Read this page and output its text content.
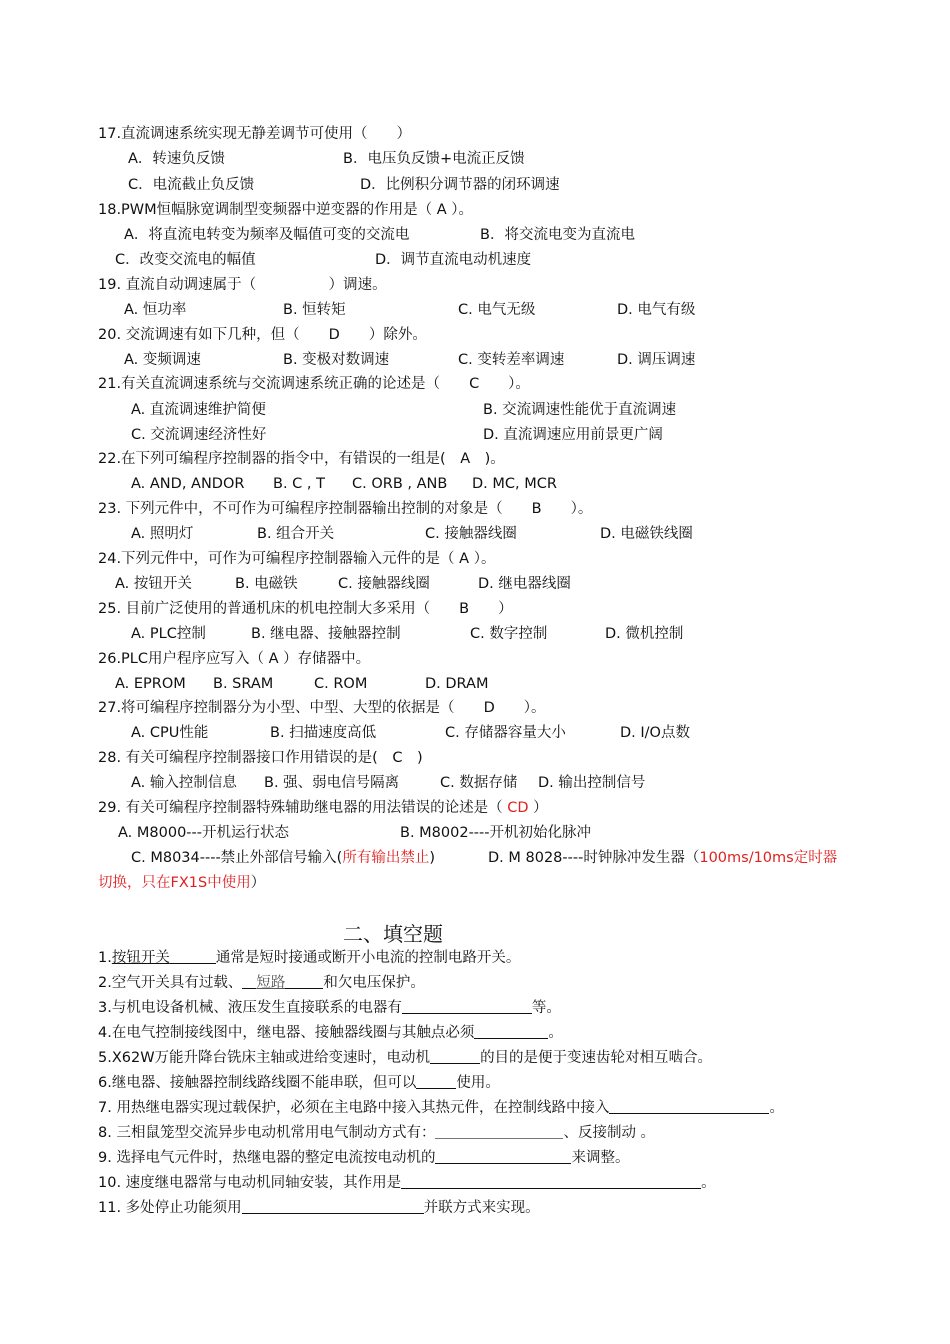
17.直流调速系统实现无静差调节可使用（　　）
A．转速负反馈	B．电压负反馈+电流正反馈
C．电流截止负反馈	D．比例积分调节器的闭环调速
18.PWM恒幅脉宽调制型变频器中逆变器的作用是（ A ）。
A．将直流电转变为频率及幅值可变的交流电	B．将交流电变为直流电
C．改变交流电的幅值	D．调节直流电动机速度
19. 直流自动调速属于（　　　　　）调速。
A. 恒功率	B. 恒转矩	C. 电气无级	D. 电气有级
20. 交流调速有如下几种，但（　　D　　）除外。
A. 变频调速	B. 变极对数调速	C. 变转差率调速	D. 调压调速
21.有关直流调速系统与交流调速系统正确的论述是（　　C　　）。
A. 直流调速维护简便	B. 交流调速性能优于直流调速
C. 交流调速经济性好	D. 直流调速应用前景更广阔
22.在下列可编程序控制器的指令中，有错误的一组是(　A　)。
A. AND, ANDOR B. C , T C. ORB , ANB D. MC, MCR
23. 下列元件中，不可作为可编程序控制器输出控制的对象是（　　B　　）。
A. 照明灯	B. 组合开关	C. 接触器线圈	D. 电磁铁线圈
24.下列元件中，可作为可编程序控制器输入元件的是（ A ）。
A. 按钮开关	B. 电磁铁	C. 接触器线圈	D. 继电器线圈
25. 目前广泛使用的普通机床的机电控制大多采用（　　B　　）
A. PLC控制	B. 继电器、接触器控制	C. 数字控制	D. 微机控制
26.PLC用户程序应写入（ A ）存储器中。
A. EPROM B. SRAM	C. ROM	D. DRAM
27.将可编程序控制器分为小型、中型、大型的依据是（　　D　　）。
A. CPU性能	B. 扫描速度高低	C. 存储器容量大小	D. I/O点数
28. 有关可编程序控制器接口作用错误的是(　C　)
A. 输入控制信息 B. 强、弱电信号隔离	C. 数据存储 D. 输出控制信号
29. 有关可编程序控制器特殊辅助继电器的用法错误的论述是（ CD ）
A. M8000---开机运行状态	B. M8002----开机初始化脉冲
C. M8034----禁止外部信号输入(所有输出禁止)	D. M 8028----时钟脉冲发生器（100ms/10ms定时器
切换，只在FX1S中使用）
二、填空题
1.按钮开关	通常是短时接通或断开小电流的控制电路开关。
2.空气开关具有过载、 短路	和欠电压保护。
3.与机电设备机械、液压发生直接联系的电器有	等。
4.在电气控制接线图中，继电器、接触器线圈与其触点必须	。
5.X62W万能升降台铣床主轴或进给变速时，电动机	的目的是便于变速齿轮对相互啮合。
6.继电器、接触器控制线路线圈不能串联，但可以	使用。
7. 用热继电器实现过载保护，必须在主电路中接入其热元件，在控制线路中接入	。
8. 三相鼠笼型交流异步电动机常用电气制动方式有：	、反接制动 。
9. 选择电气元件时，热继电器的整定电流按电动机的	来调整。
10. 速度继电器常与电动机同轴安装，其作用是	。
11. 多处停止功能须用	并联方式来实现。
